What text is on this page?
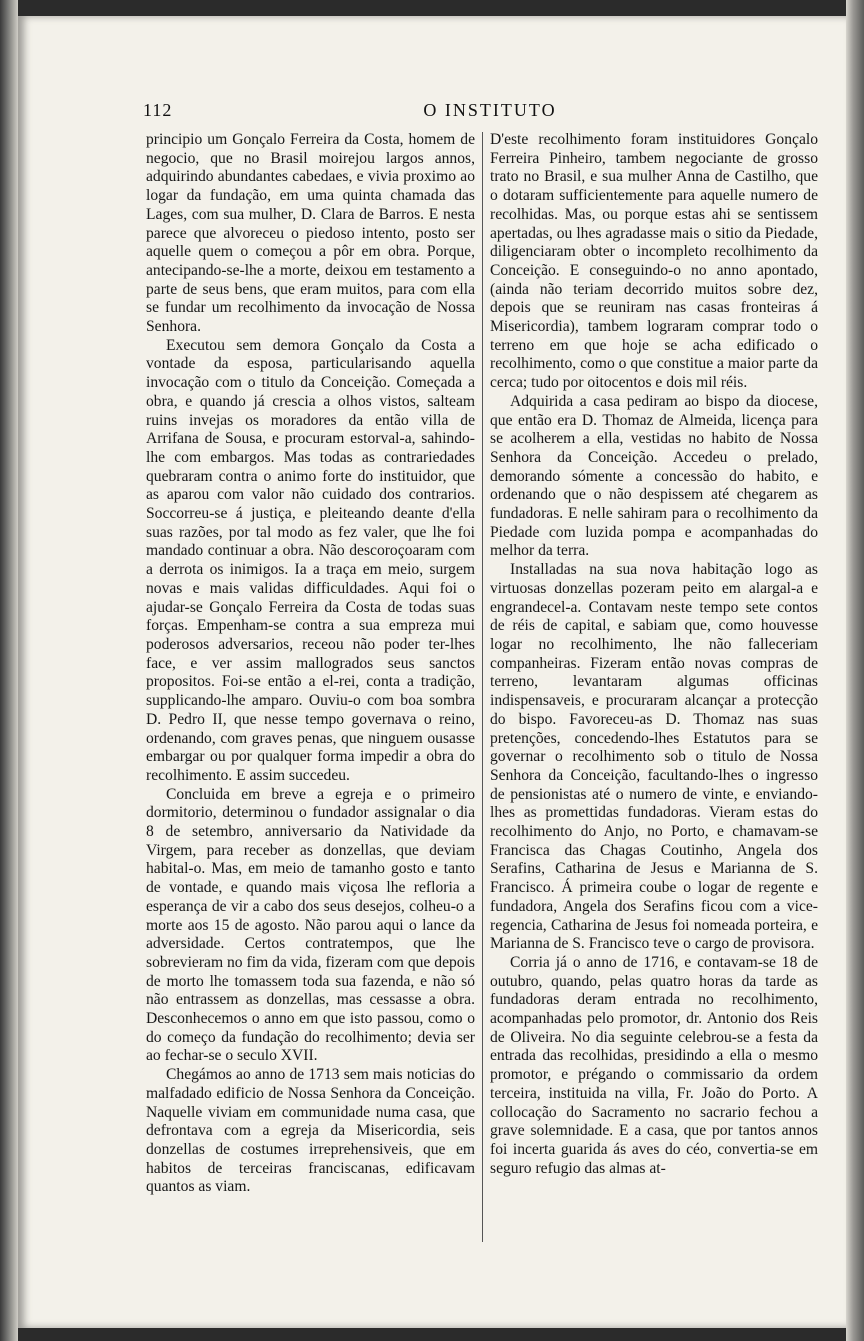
112	O INSTITUTO

principio um Gonçalo Ferreira da Costa, homem de negocio, que no Brasil moirejou largos annos, adquirindo abundantes cabedaes, e vivia proximo ao logar da fundação, em uma quinta chamada das Lages, com sua mulher, D. Clara de Barros. E nesta parece que alvoreceu o piedoso intento, posto ser aquelle quem o começou a pôr em obra. Porque, antecipando-se-lhe a morte, deixou em testamento a parte de seus bens, que eram muitos, para com ella se fundar um recolhimento da invocação de Nossa Senhora.

Executou sem demora Gonçalo da Costa a vontade da esposa, particularisando aquella invocação com o titulo da Conceição. Começada a obra, e quando já crescia a olhos vistos, salteam ruins invejas os moradores da então villa de Arrifana de Sousa, e procuram estorval-a, sahindo-lhe com embargos. Mas todas as contrariedades quebraram contra o animo forte do instituidor, que as aparou com valor não cuidado dos contrarios. Soccorreu-se á justiça, e pleiteando deante d'ella suas razões, por tal modo as fez valer, que lhe foi mandado continuar a obra. Não descoroçoaram com a derrota os inimigos. Ia a traça em meio, surgem novas e mais validas difficuldades. Aqui foi o ajudar-se Gonçalo Ferreira da Costa de todas suas forças. Empenham-se contra a sua empreza mui poderosos adversarios, receou não poder ter-lhes face, e ver assim mallogrados seus sanctos propositos. Foi-se então a el-rei, conta a tradição, supplicando-lhe amparo. Ouviu-o com boa sombra D. Pedro II, que nesse tempo governava o reino, ordenando, com graves penas, que ninguem ousasse embargar ou por qualquer forma impedir a obra do recolhimento. E assim succedeu.

Concluida em breve a egreja e o primeiro dormitorio, determinou o fundador assignalar o dia 8 de setembro, anniversario da Natividade da Virgem, para receber as donzellas, que deviam habital-o. Mas, em meio de tamanho gosto e tanto de vontade, e quando mais viçosa lhe refloria a esperança de vir a cabo dos seus desejos, colheu-o a morte aos 15 de agosto. Não parou aqui o lance da adversidade. Certos contratempos, que lhe sobrevieram no fim da vida, fizeram com que depois de morto lhe tomassem toda sua fazenda, e não só não entrassem as donzellas, mas cessasse a obra. Desconhecemos o anno em que isto passou, como o do começo da fundação do recolhimento; devia ser ao fechar-se o seculo XVII.

Chegámos ao anno de 1713 sem mais noticias do malfadado edificio de Nossa Senhora da Conceição. Naquelle viviam em communidade numa casa, que defrontava com a egreja da Misericordia, seis donzellas de costumes irreprehensiveis, que em habitos de terceiras franciscanas, edificavam quantos as viam.

D'este recolhimento foram instituidores Gonçalo Ferreira Pinheiro, tambem negociante de grosso trato no Brasil, e sua mulher Anna de Castilho, que o dotaram sufficientemente para aquelle numero de recolhidas. Mas, ou porque estas ahi se sentissem apertadas, ou lhes agradasse mais o sitio da Piedade, diligenciaram obter o incompleto recolhimento da Conceição. E conseguindo-o no anno apontado, (ainda não teriam decorrido muitos sobre dez, depois que se reuniram nas casas fronteiras á Misericordia), tambem lograram comprar todo o terreno em que hoje se acha edificado o recolhimento, como o que constitue a maior parte da cerca; tudo por oitocentos e dois mil réis.

Adquirida a casa pediram ao bispo da diocese, que então era D. Thomaz de Almeida, licença para se acolherem a ella, vestidas no habito de Nossa Senhora da Conceição. Accedeu o prelado, demorando sómente a concessão do habito, e ordenando que o não despissem até chegarem as fundadoras. E nelle sahiram para o recolhimento da Piedade com luzida pompa e acompanhadas do melhor da terra.

Installadas na sua nova habitação logo as virtuosas donzellas pozeram peito em alargal-a e engrandecel-a. Contavam neste tempo sete contos de réis de capital, e sabiam que, como houvesse logar no recolhimento, lhe não falleceriam companheiras. Fizeram então novas compras de terreno, levantaram algumas officinas indispensaveis, e procuraram alcançar a protecção do bispo. Favoreceu-as D. Thomaz nas suas pretenções, concedendo-lhes Estatutos para se governar o recolhimento sob o titulo de Nossa Senhora da Conceição, facultando-lhes o ingresso de pensionistas até o numero de vinte, e enviando-lhes as promettidas fundadoras. Vieram estas do recolhimento do Anjo, no Porto, e chamavam-se Francisca das Chagas Coutinho, Angela dos Serafins, Catharina de Jesus e Marianna de S. Francisco. Á primeira coube o logar de regente e fundadora, Angela dos Serafins ficou com a vice-regencia, Catharina de Jesus foi nomeada porteira, e Marianna de S. Francisco teve o cargo de provisora.

Corria já o anno de 1716, e contavam-se 18 de outubro, quando, pelas quatro horas da tarde as fundadoras deram entrada no recolhimento, acompanhadas pelo promotor, dr. Antonio dos Reis de Oliveira. No dia seguinte celebrou-se a festa da entrada das recolhidas, presidindo a ella o mesmo promotor, e prégando o commissario da ordem terceira, instituida na villa, Fr. João do Porto. A collocação do Sacramento no sacrario fechou a grave solemnidade. E a casa, que por tantos annos foi incerta guarida ás aves do céo, convertia-se em seguro refugio das almas at-
